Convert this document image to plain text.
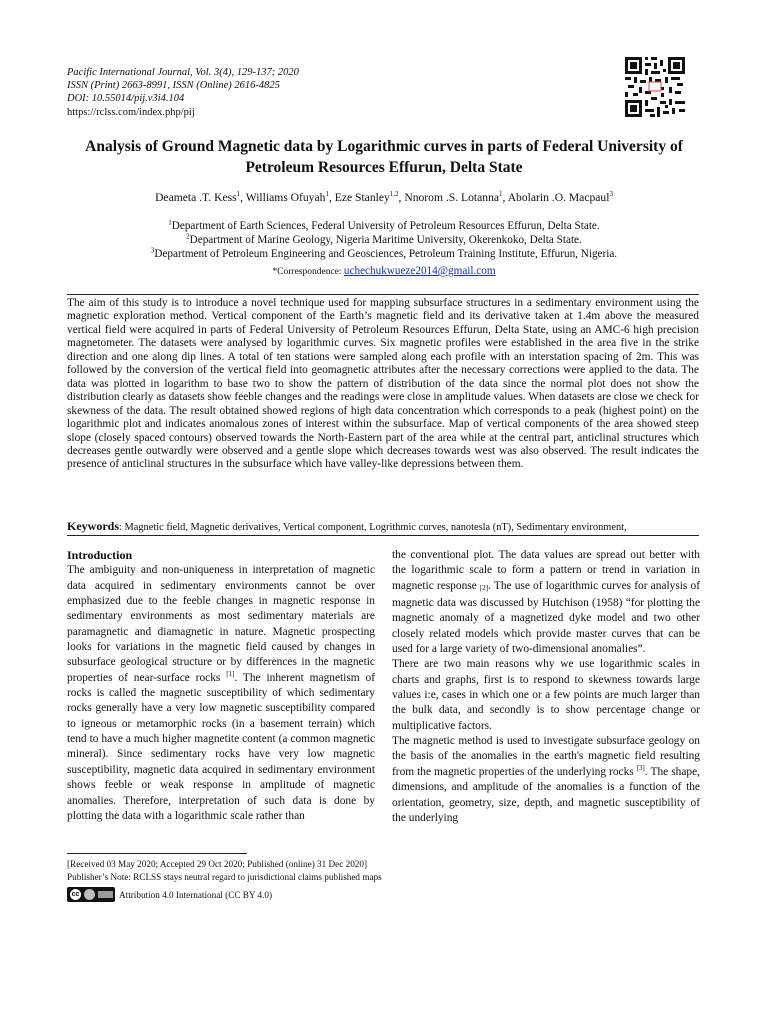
Pacific International Journal, Vol. 3(4), 129-137; 2020
ISSN (Print) 2663-8991, ISSN (Online) 2616-4825
DOI: 10.55014/pij.v3i4.104
https://rclss.com/index.php/pij
Analysis of Ground Magnetic data by Logarithmic curves in parts of Federal University of Petroleum Resources Effurun, Delta State
Deameta .T. Kess$^1$, Williams Ofuyah$^1$, Eze Stanley$^{1,2}$, Nnorom .S. Lotanna$^1$, Abolarin .O. Macpaul$^3$
$^1$Department of Earth Sciences, Federal University of Petroleum Resources Effurun, Delta State.
$^2$Department of Marine Geology, Nigeria Maritime University, Okerenkoko, Delta State.
$^3$Department of Petroleum Engineering and Geosciences, Petroleum Training Institute, Effurun, Nigeria.
*Correspondence: uchechukwueze2014@gmail.com
The aim of this study is to introduce a novel technique used for mapping subsurface structures in a sedimentary environment using the magnetic exploration method. Vertical component of the Earth’s magnetic field and its derivative taken at 1.4m above the measured vertical field were acquired in parts of Federal University of Petroleum Resources Effurun, Delta State, using an AMC-6 high precision magnetometer. The datasets were analysed by logarithmic curves. Six magnetic profiles were established in the area five in the strike direction and one along dip lines. A total of ten stations were sampled along each profile with an interstation spacing of 2m. This was followed by the conversion of the vertical field into geomagnetic attributes after the necessary corrections were applied to the data. The data was plotted in logarithm to base two to show the pattern of distribution of the data since the normal plot does not show the distribution clearly as datasets show feeble changes and the readings were close in amplitude values. When datasets are close we check for skewness of the data. The result obtained showed regions of high data concentration which corresponds to a peak (highest point) on the logarithmic plot and indicates anomalous zones of interest within the subsurface. Map of vertical components of the area showed steep slope (closely spaced contours) observed towards the North-Eastern part of the area while at the central part, anticlinal structures which decreases gentle outwardly were observed and a gentle slope which decreases towards west was also observed. The result indicates the presence of anticlinal structures in the subsurface which have valley-like depressions between them.
Keywords: Magnetic field, Magnetic derivatives, Vertical component, Logrithmic curves, nanotesla (nT), Sedimentary environment,
Introduction

The ambiguity and non-uniqueness in interpretation of magnetic data acquired in sedimentary environments cannot be over emphasized due to the feeble changes in magnetic response in sedimentary environments as most sedimentary materials are paramagnetic and diamagnetic in nature. Magnetic prospecting looks for variations in the magnetic field caused by changes in subsurface geological structure or by differences in the magnetic properties of near-surface rocks [1]. The inherent magnetism of rocks is called the magnetic susceptibility of which sedimentary rocks generally have a very low magnetic susceptibility compared to igneous or metamorphic rocks (in a basement terrain) which tend to have a much higher magnetite content (a common magnetic mineral). Since sedimentary rocks have very low magnetic susceptibility, magnetic data acquired in sedimentary environment shows feeble or weak response in amplitude of magnetic anomalies. Therefore, interpretation of such data is done by plotting the data with a logarithmic scale rather than

the conventional plot. The data values are spread out better with the logarithmic scale to form a pattern or trend in variation in magnetic response [2]. The use of logarithmic curves for analysis of magnetic data was discussed by Hutchison (1958) “for plotting the magnetic anomaly of a magnetized dyke model and two other closely related models which provide master curves that can be used for a large variety of two-dimensional anomalies”.

There are two main reasons why we use logarithmic scales in charts and graphs, first is to respond to skewness towards large values i:e, cases in which one or a few points are much larger than the bulk data, and secondly is to show percentage change or multiplicative factors.

The magnetic method is used to investigate subsurface geology on the basis of the anomalies in the earth's magnetic field resulting from the magnetic properties of the underlying rocks [3]. The shape, dimensions, and amplitude of the anomalies is a function of the orientation, geometry, size, depth, and magnetic susceptibility of the underlying

[Received 03 May 2020; Accepted 29 Oct 2020; Published (online) 31 Dec 2020]
Publisher’s Note: RCLSS stays neutral regard to jurisdictional claims published maps
cc	Attribution 4.0 International (CC BY 4.0)
